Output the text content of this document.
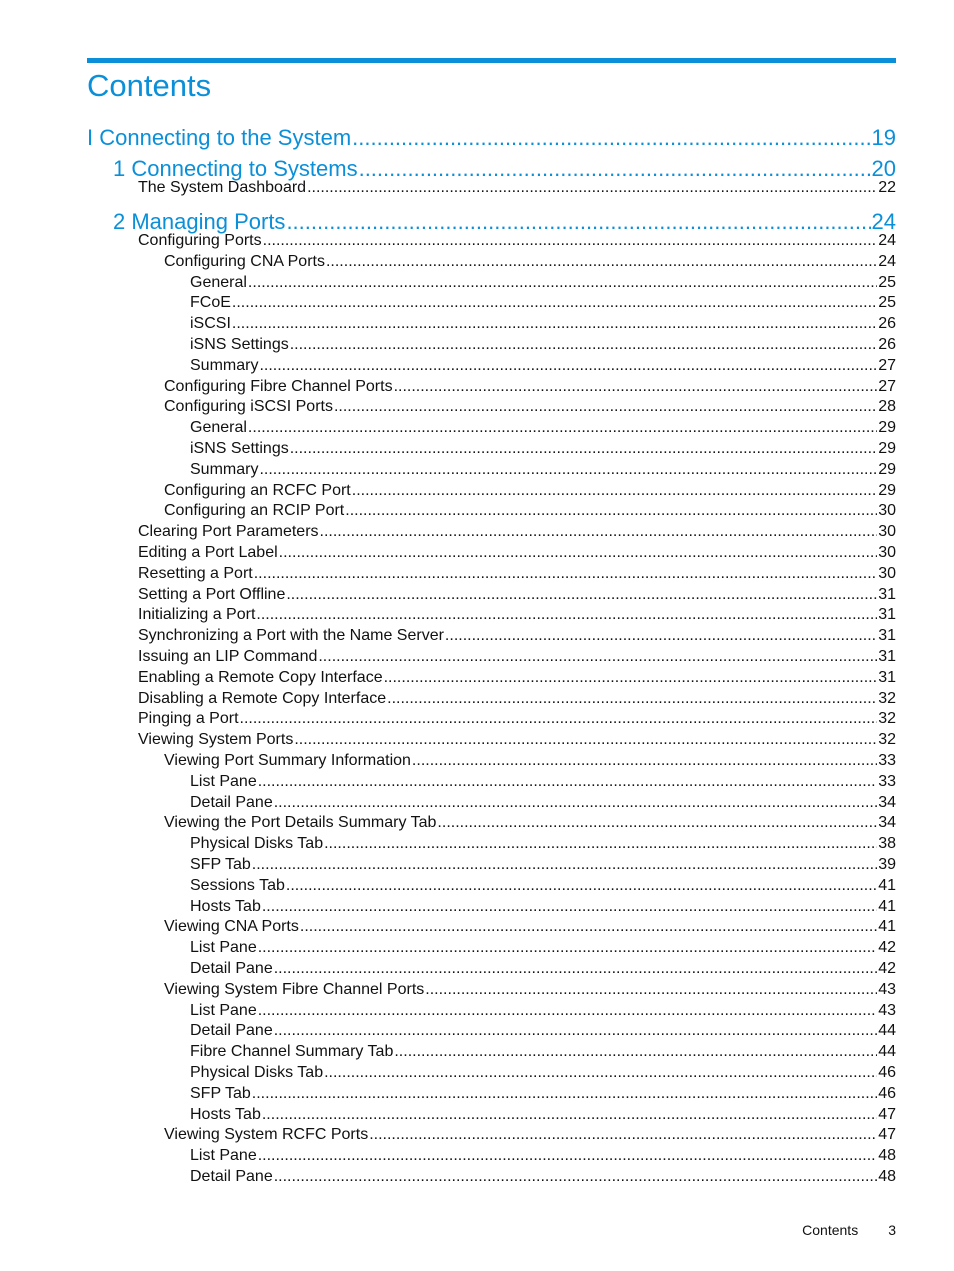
Contents
I Connecting to the System .....	19
1 Connecting to Systems .....	20
The System Dashboard .....	22
2 Managing Ports .....	24
Configuring Ports .....	24
Configuring CNA Ports .....	24
General .....	25
FCoE .....	25
iSCSI .....	26
iSNS Settings .....	26
Summary .....	27
Configuring Fibre Channel Ports .....	27
Configuring iSCSI Ports .....	28
General .....	29
iSNS Settings .....	29
Summary .....	29
Configuring an RCFC Port .....	29
Configuring an RCIP Port .....	30
Clearing Port Parameters .....	30
Editing a Port Label .....	30
Resetting a Port .....	30
Setting a Port Offline .....	31
Initializing a Port .....	31
Synchronizing a Port with the Name Server .....	31
Issuing an LIP Command .....	31
Enabling a Remote Copy Interface .....	31
Disabling a Remote Copy Interface .....	32
Pinging a Port .....	32
Viewing System Ports .....	32
Viewing Port Summary Information .....	33
List Pane .....	33
Detail Pane .....	34
Viewing the Port Details Summary Tab .....	34
Physical Disks Tab .....	38
SFP Tab .....	39
Sessions Tab .....	41
Hosts Tab .....	41
Viewing CNA Ports .....	41
List Pane .....	42
Detail Pane .....	42
Viewing System Fibre Channel Ports .....	43
List Pane .....	43
Detail Pane .....	44
Fibre Channel Summary Tab .....	44
Physical Disks Tab .....	46
SFP Tab .....	46
Hosts Tab .....	47
Viewing System RCFC Ports .....	47
List Pane .....	48
Detail Pane .....	48
Contents 3
